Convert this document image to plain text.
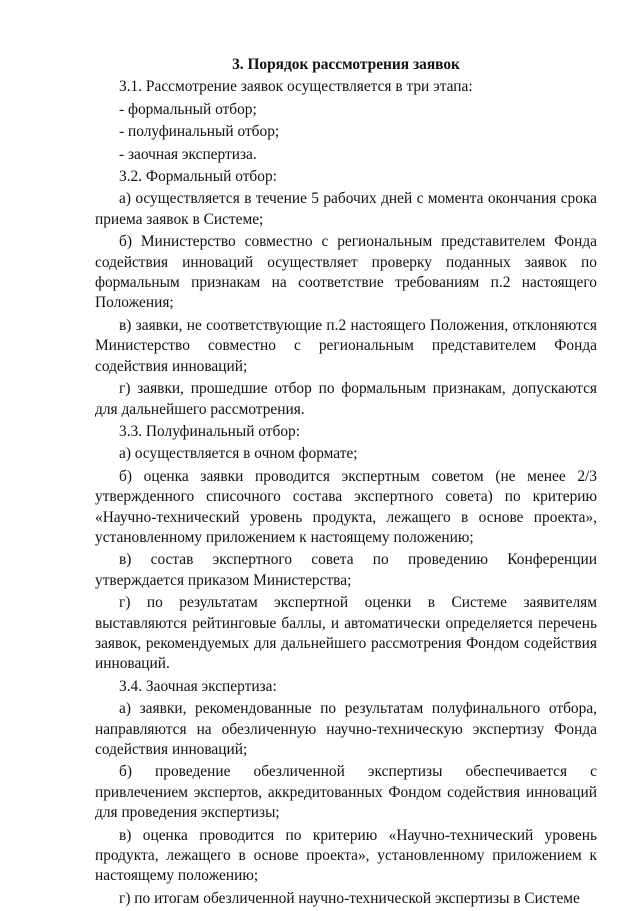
3. Порядок рассмотрения заявок

3.1. Рассмотрение заявок осуществляется в три этапа:

- формальный отбор;

- полуфинальный отбор;

- заочная экспертиза.

3.2. Формальный отбор:

а) осуществляется в течение 5 рабочих дней с момента окончания срока приема заявок в Системе;

б) Министерство совместно с региональным представителем Фонда содействия инноваций осуществляет проверку поданных заявок по формальным признакам на соответствие требованиям п.2 настоящего Положения;

в) заявки, не соответствующие п.2 настоящего Положения, отклоняются Министерство совместно с региональным представителем Фонда содействия инноваций;

г) заявки, прошедшие отбор по формальным признакам, допускаются для дальнейшего рассмотрения.

3.3. Полуфинальный отбор:

а) осуществляется в очном формате;

б) оценка заявки проводится экспертным советом (не менее 2/3 утвержденного списочного состава экспертного совета) по критерию «Научно-технический уровень продукта, лежащего в основе проекта», установленному приложением к настоящему положению;

в) состав экспертного совета по проведению Конференции утверждается приказом Министерства;

г) по результатам экспертной оценки в Системе заявителям выставляются рейтинговые баллы, и автоматически определяется перечень заявок, рекомендуемых для дальнейшего рассмотрения Фондом содействия инноваций.

3.4. Заочная экспертиза:

а) заявки, рекомендованные по результатам полуфинального отбора, направляются на обезличенную научно-техническую экспертизу Фонда содействия инноваций;

б) проведение обезличенной экспертизы обеспечивается с привлечением экспертов, аккредитованных Фондом содействия инноваций для проведения экспертизы;

в) оценка проводится по критерию «Научно-технический уровень продукта, лежащего в основе проекта», установленному приложением к настоящему положению;

г) по итогам обезличенной научно-технической экспертизы в Системе
